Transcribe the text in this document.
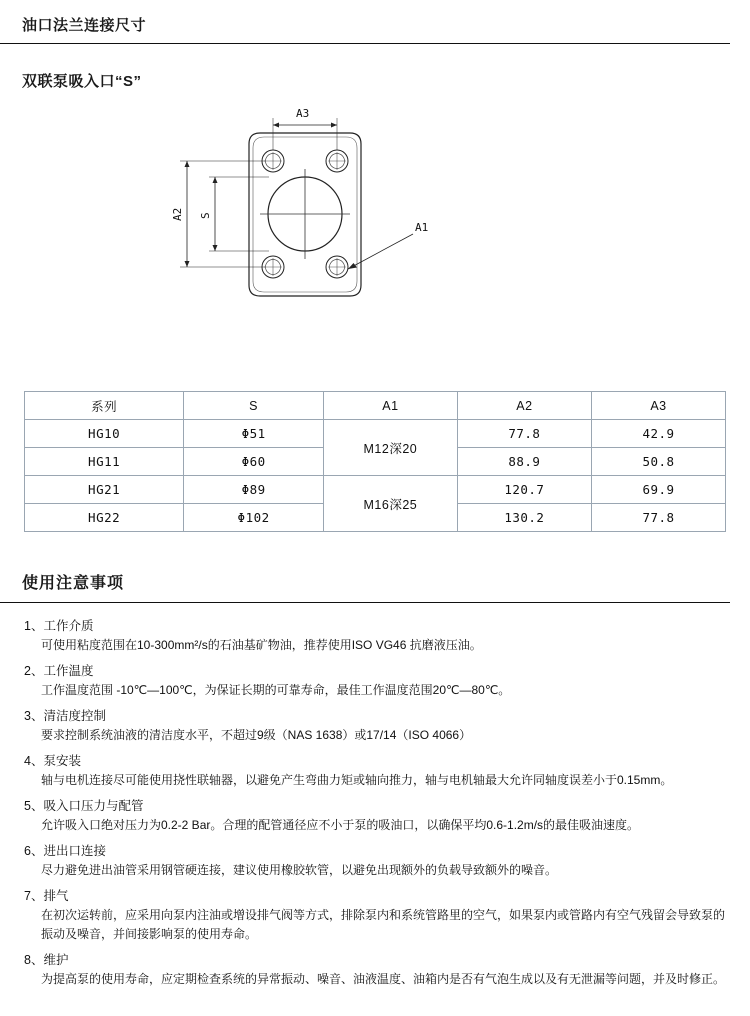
油口法兰连接尺寸
双联泵吸入口“S”
A3
A2 S
A1
系列	S	A1	A2	A3
HG10	Φ51	M12深20	77.8	42.9
HG11	Φ60		88.9	50.8
HG21	Φ89	M16深25	120.7	69.9
HG22	Φ102		130.2	77.8
使用注意事项
1、工作介质
可使用粘度范围在10-300mm²/s的石油基矿物油，推荐使用ISO VG46 抗磨液压油。
2、工作温度
工作温度范围 -10℃—100℃，为保证长期的可靠寿命，最佳工作温度范围20℃—80℃。
3、清洁度控制
要求控制系统油液的清洁度水平，不超过9级（NAS 1638）或17/14（ISO 4066）
4、泵安装
轴与电机连接尽可能使用挠性联轴器，以避免产生弯曲力矩或轴向推力，轴与电机轴最大允许同轴度误差小于0.15mm。
5、吸入口压力与配管
允许吸入口绝对压力为0.2-2 Bar。合理的配管通径应不小于泵的吸油口，以确保平均0.6-1.2m/s的最佳吸油速度。
6、进出口连接
尽力避免进出油管采用钢管硬连接，建议使用橡胶软管，以避免出现额外的负载导致额外的噪音。
7、排气
在初次运转前，应采用向泵内注油或增设排气阀等方式，排除泵内和系统管路里的空气，如果泵内或管路内有空气残留会导致泵的振动及噪音，并间接影响泵的使用寿命。
8、维护
为提高泵的使用寿命，应定期检查系统的异常振动、噪音、油液温度、油箱内是否有气泡生成以及有无泄漏等问题，并及时修正。
